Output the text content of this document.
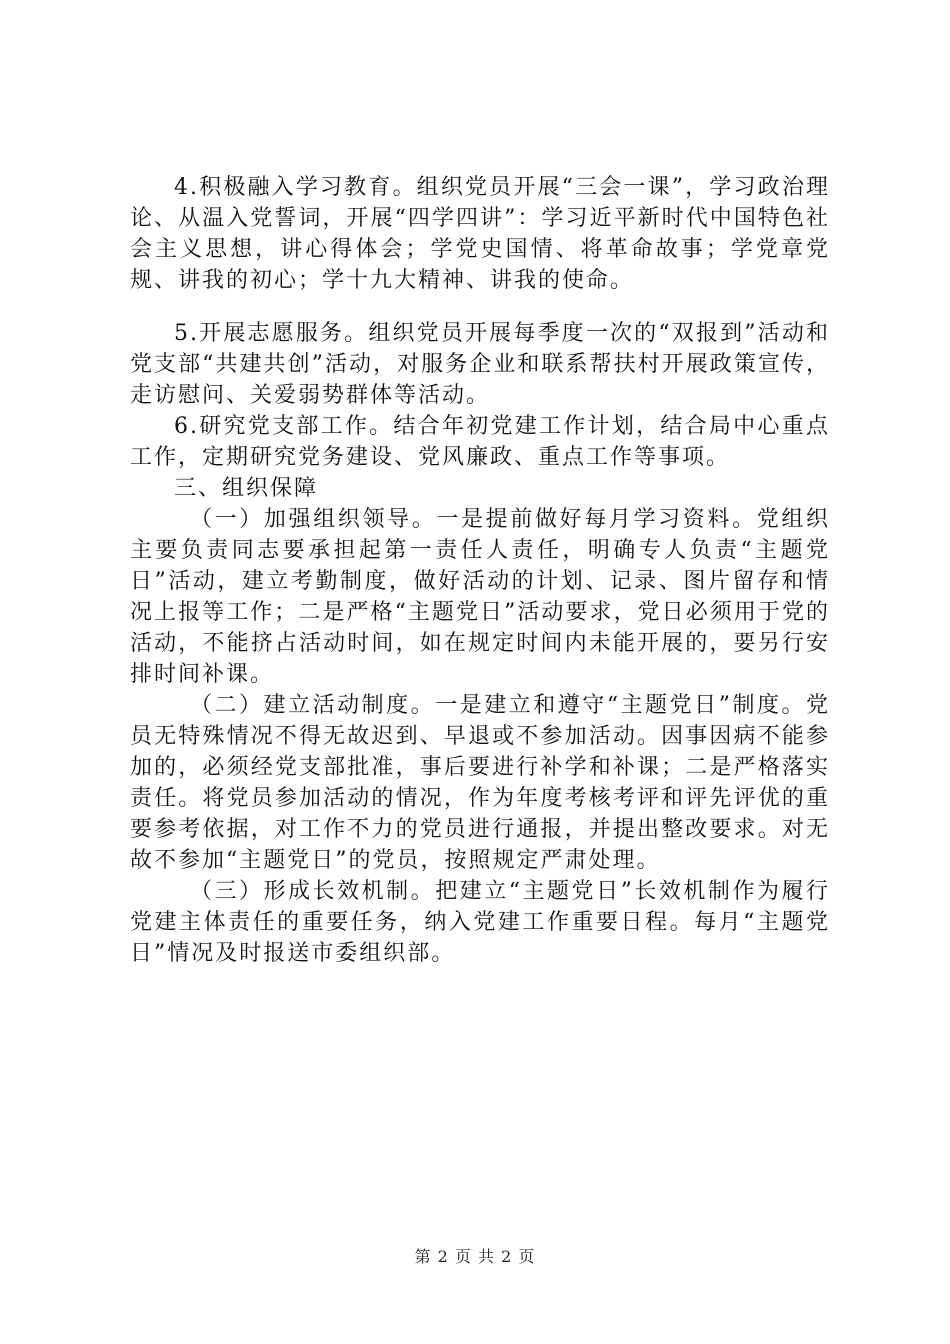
4.积极融入学习教育。组织党员开展“三会一课”，学习政治理论、从温入党誓词，开展“四学四讲”：学习近平新时代中国特色社会主义思想，讲心得体会；学党史国情、将革命故事；学党章党规、讲我的初心；学十九大精神、讲我的使命。

5.开展志愿服务。组织党员开展每季度一次的“双报到”活动和党支部“共建共创”活动，对服务企业和联系帮扶村开展政策宣传，走访慰问、关爱弱势群体等活动。

6.研究党支部工作。结合年初党建工作计划，结合局中心重点工作，定期研究党务建设、党风廉政、重点工作等事项。

三、组织保障

（一）加强组织领导。一是提前做好每月学习资料。党组织主要负责同志要承担起第一责任人责任，明确专人负责“主题党日”活动，建立考勤制度，做好活动的计划、记录、图片留存和情况上报等工作；二是严格“主题党日”活动要求，党日必须用于党的活动，不能挤占活动时间，如在规定时间内未能开展的，要另行安排时间补课。

（二）建立活动制度。一是建立和遵守“主题党日”制度。党员无特殊情况不得无故迟到、早退或不参加活动。因事因病不能参加的，必须经党支部批准，事后要进行补学和补课；二是严格落实责任。将党员参加活动的情况，作为年度考核考评和评先评优的重要参考依据，对工作不力的党员进行通报，并提出整改要求。对无故不参加“主题党日”的党员，按照规定严肃处理。

（三）形成长效机制。把建立“主题党日”长效机制作为履行党建主体责任的重要任务，纳入党建工作重要日程。每月“主题党日”情况及时报送市委组织部。

第 2 页 共 2 页
